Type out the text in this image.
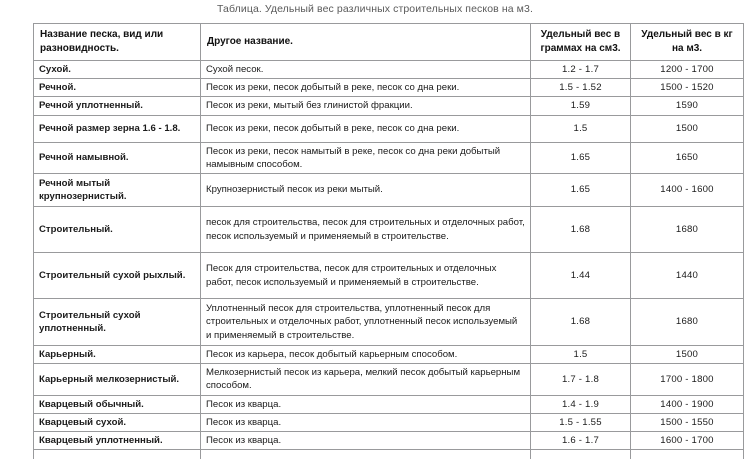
Таблица. Удельный вес различных строительных песков на м3.
Название песка, вид или разновидность.	Другое название.	Удельный вес в граммах на см3.	Удельный вес в кг на м3.
Сухой.	Сухой песок.	1.2 - 1.7	1200 - 1700
Речной.	Песок из реки, песок добытый в реке, песок со дна реки.	1.5 - 1.52	1500 - 1520
Речной уплотненный.	Песок из реки, мытый без глинистой фракции.	1.59	1590
Речной размер зерна 1.6 - 1.8.	Песок из реки, песок добытый в реке, песок со дна реки.	1.5	1500
Речной намывной.	Песок из реки, песок намытый в реке, песок со дна реки добытый намывным способом.	1.65	1650
Речной мытый крупнозернистый.	Крупнозернистый песок из реки мытый.	1.65	1400 - 1600
Строительный.	песок для строительства, песок для строительных и отделочных работ, песок используемый и применяемый в строительстве.	1.68	1680
Строительный сухой рыхлый.	Песок для строительства, песок для строительных и отделочных работ, песок используемый и применяемый в строительстве.	1.44	1440
Строительный сухой уплотненный.	Уплотненный песок для строительства, уплотненный песок для строительных и отделочных работ, уплотненный песок используемый и применяемый в строительстве.	1.68	1680
Карьерный.	Песок из карьера, песок добытый карьерным способом.	1.5	1500
Карьерный мелкозернистый.	Мелкозернистый песок из карьера, мелкий песок добытый карьерным способом.	1.7 - 1.8	1700 - 1800
Кварцевый обычный.	Песок из кварца.	1.4 - 1.9	1400 - 1900
Кварцевый сухой.	Песок из кварца.	1.5 - 1.55	1500 - 1550
Кварцевый уплотненный.	Песок из кварца.	1.6 - 1.7	1600 - 1700
